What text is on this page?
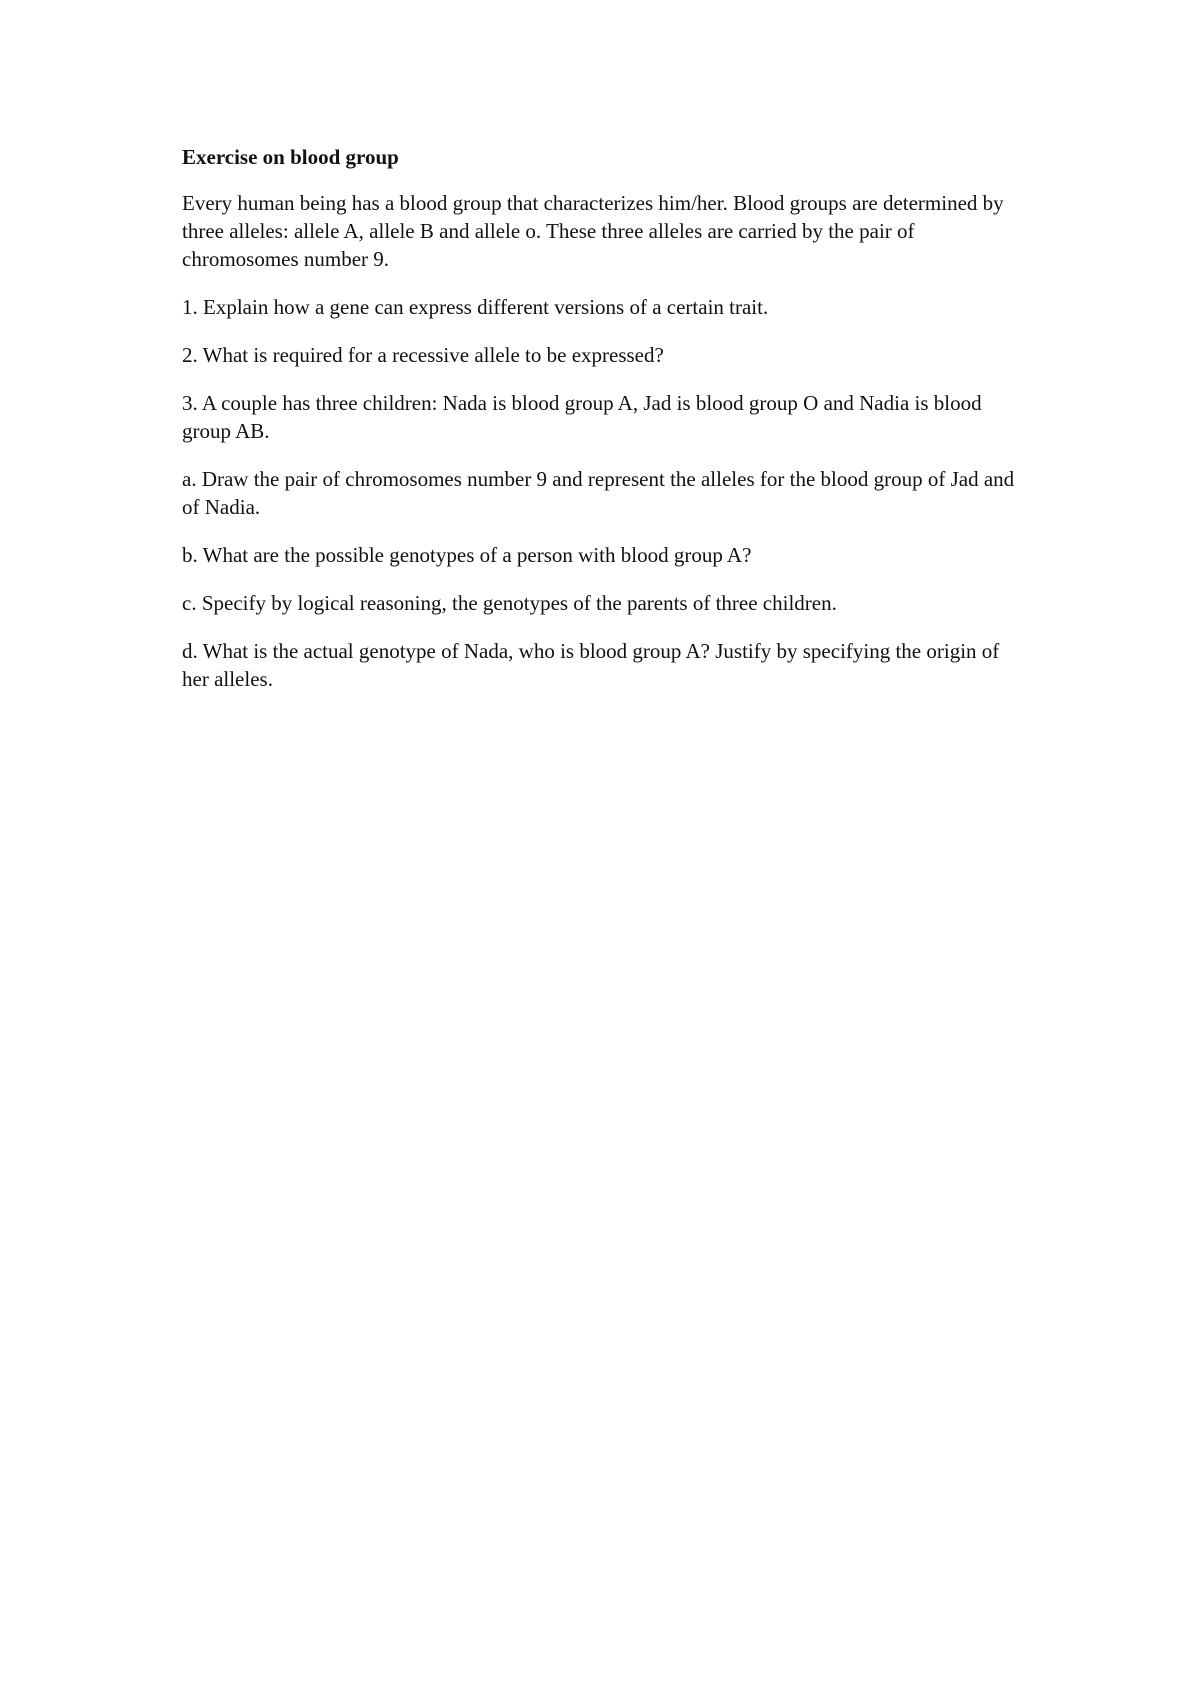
Exercise on blood group
Every human being has a blood group that characterizes him/her. Blood groups are determined by three alleles: allele A, allele B and allele o. These three alleles are carried by the pair of chromosomes number 9.
1. Explain how a gene can express different versions of a certain trait.
2. What is required for a recessive allele to be expressed?
3. A couple has three children: Nada is blood group A, Jad is blood group O and Nadia is blood group AB.
a. Draw the pair of chromosomes number 9 and represent the alleles for the blood group of Jad and of Nadia.
b. What are the possible genotypes of a person with blood group A?
c. Specify by logical reasoning, the genotypes of the parents of three children.
d. What is the actual genotype of Nada, who is blood group A? Justify by specifying the origin of her alleles.
